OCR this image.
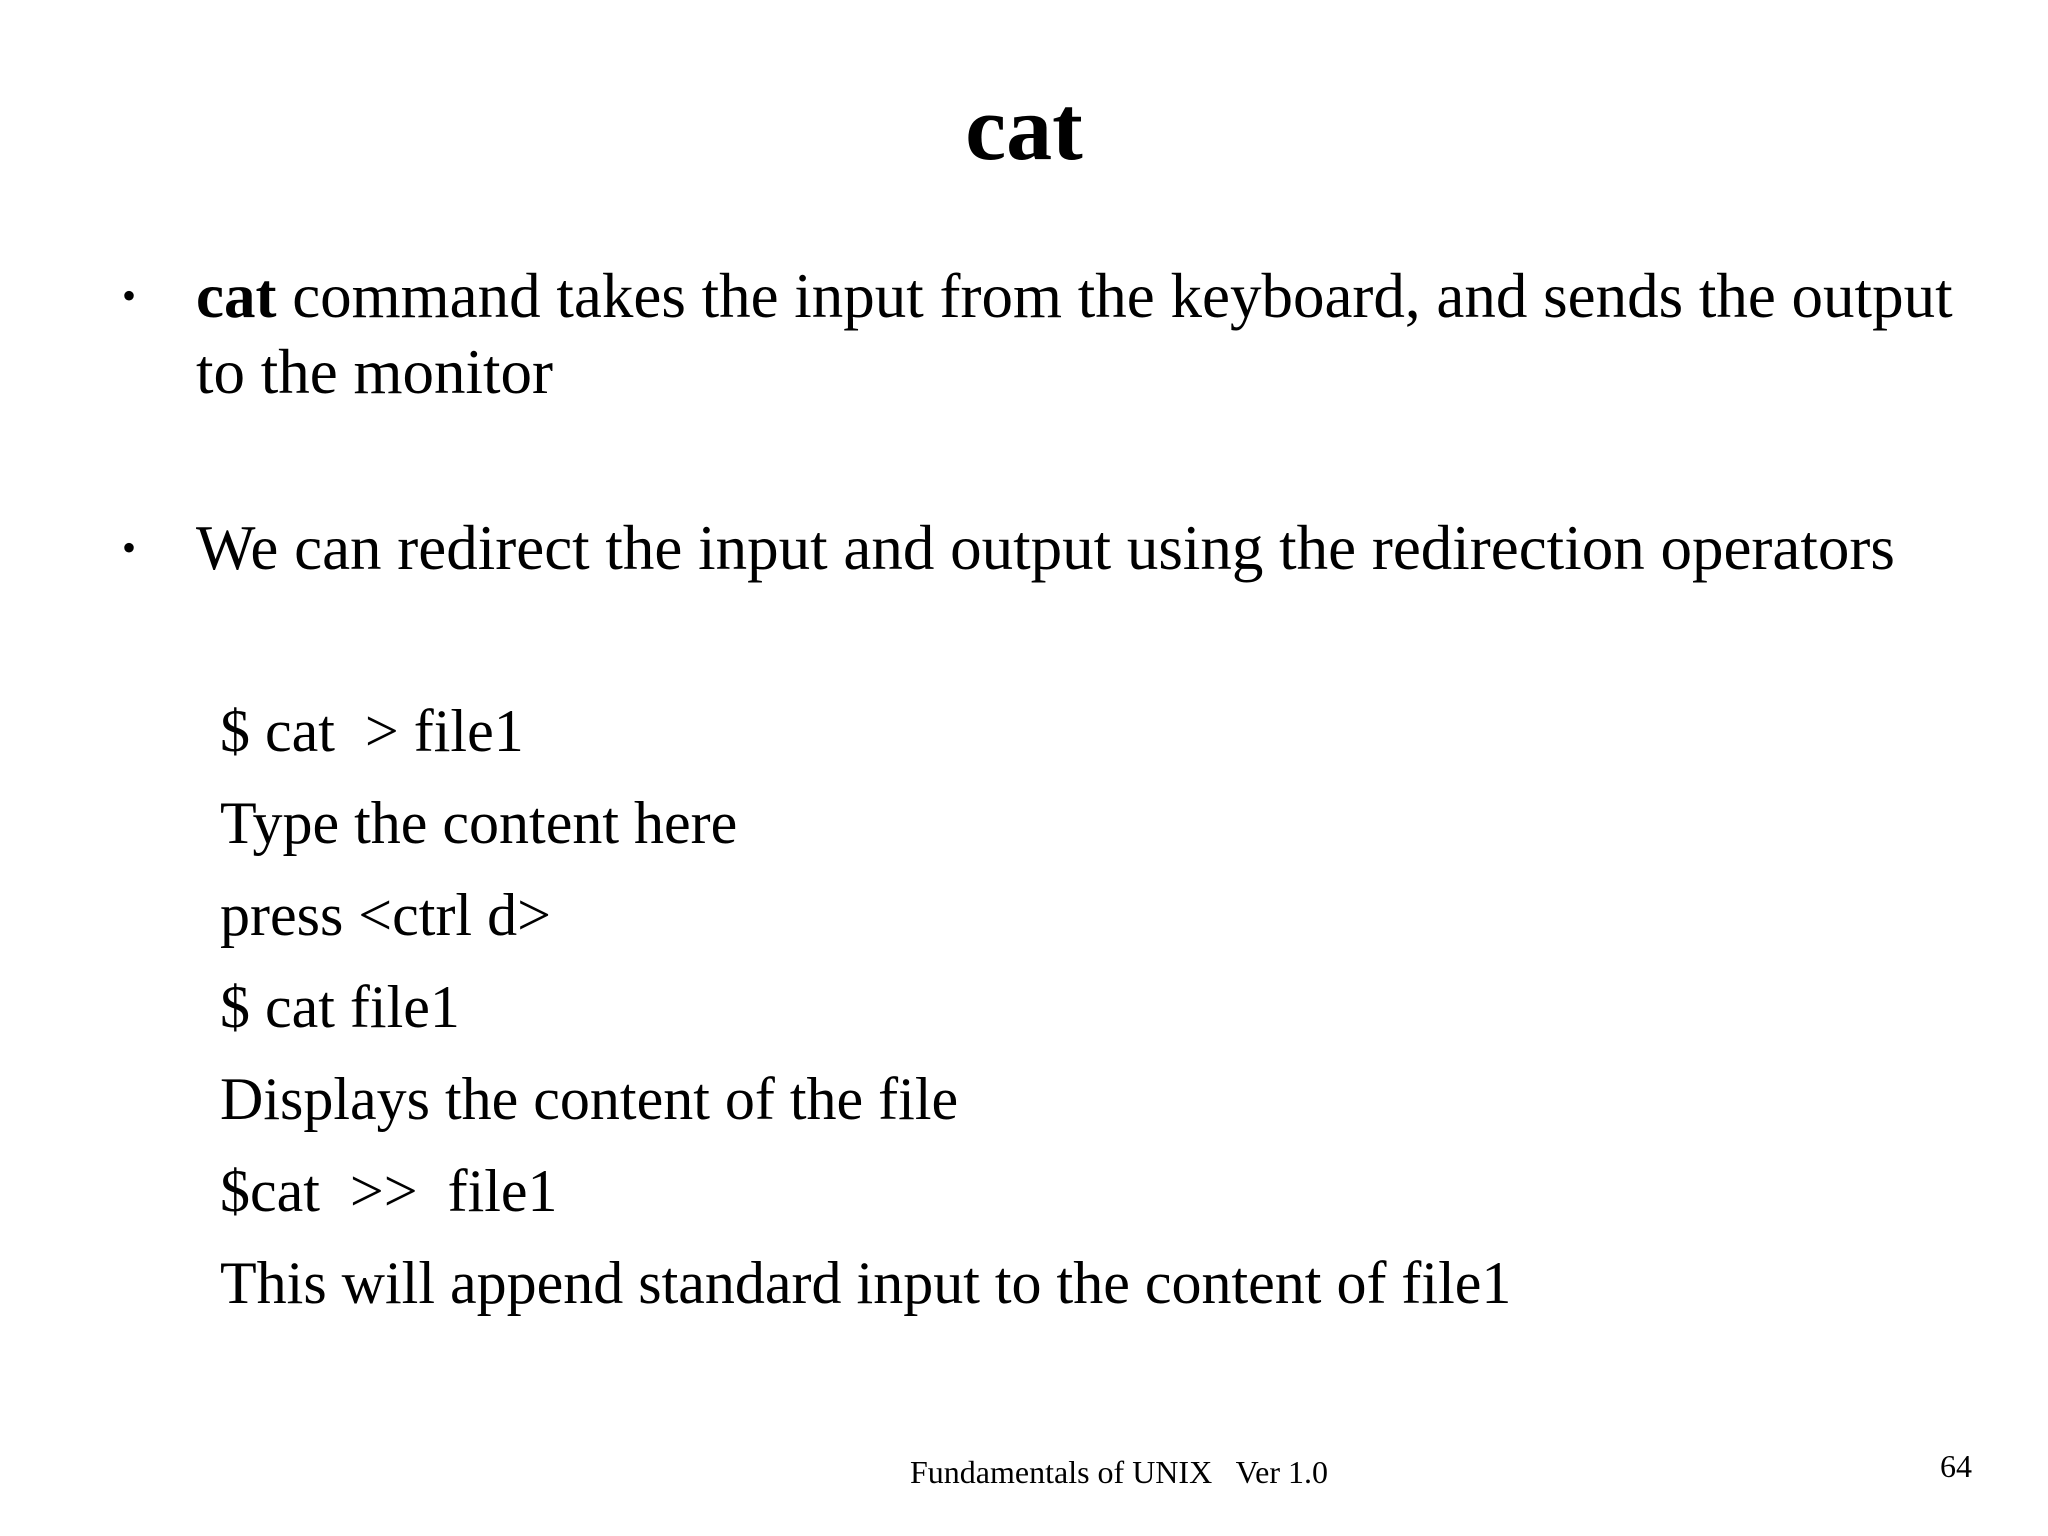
cat
• cat command takes the input from the keyboard, and sends the output to the monitor
• We can redirect the input and output using the redirection operators
$ cat  > file1
Type the content here
press <ctrl d>
$ cat file1
Displays the content of the file
$cat  >>  file1
This will append standard input to the content of file1
Fundamentals of UNIX   Ver 1.0	64
